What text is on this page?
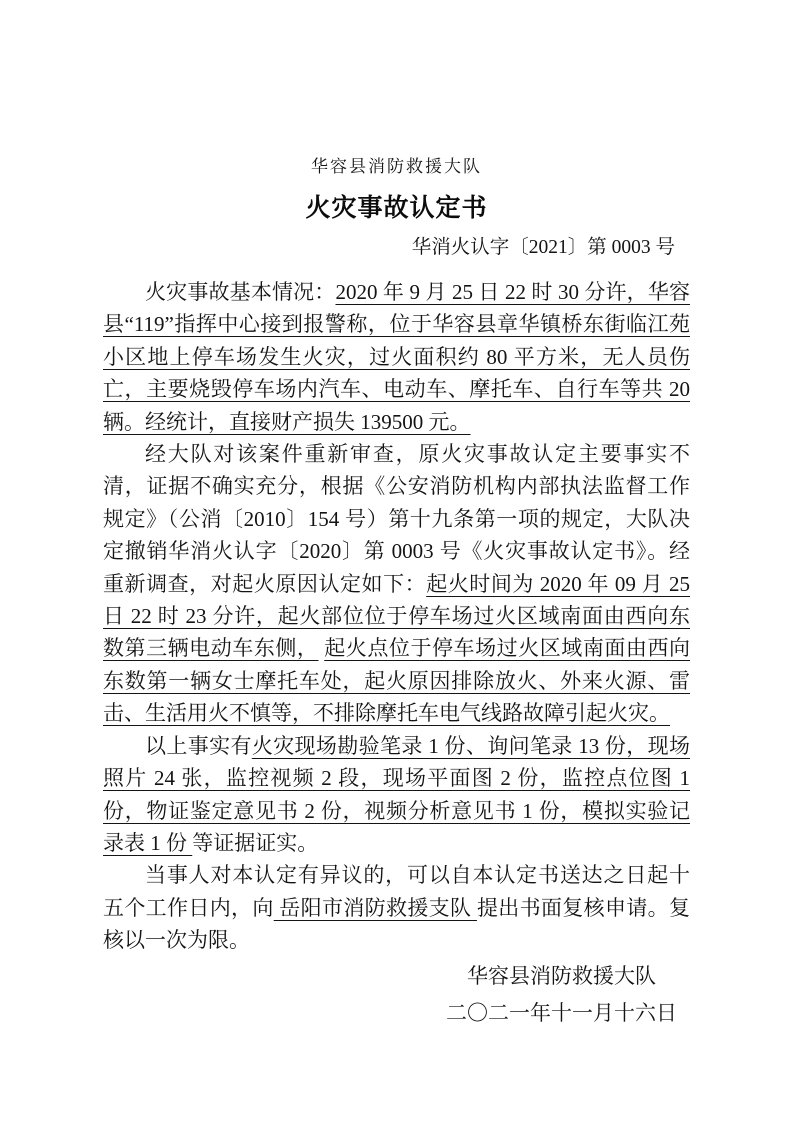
华容县消防救援大队
火灾事故认定书
华消火认字〔2021〕第 0003 号

火灾事故基本情况：2020 年 9 月 25 日 22 时 30 分许，华容县“119”指挥中心接到报警称，位于华容县章华镇桥东街临江苑小区地上停车场发生火灾，过火面积约 80 平方米，无人员伤亡，主要烧毁停车场内汽车、电动车、摩托车、自行车等共 20 辆。经统计，直接财产损失 139500 元。

经大队对该案件重新审查，原火灾事故认定主要事实不清，证据不确实充分，根据《公安消防机构内部执法监督工作规定》（公消〔2010〕154 号）第十九条第一项的规定，大队决定撤销华消火认字〔2020〕第 0003 号《火灾事故认定书》。经重新调查，对起火原因认定如下：起火时间为 2020 年 09 月 25 日 22 时 23 分许，起火部位位于停车场过火区域南面由西向东数第三辆电动车东侧， 起火点位于停车场过火区域南面由西向东数第一辆女士摩托车处，起火原因排除放火、外来火源、雷击、生活用火不慎等，不排除摩托车电气线路故障引起火灾。

以上事实有火灾现场勘验笔录 1 份、询问笔录 13 份，现场照片 24 张，监控视频 2 段，现场平面图 2 份，监控点位图 1 份，物证鉴定意见书 2 份，视频分析意见书 1 份，模拟实验记录表 1 份 等证据证实。

当事人对本认定有异议的，可以自本认定书送达之日起十五个工作日内，向 岳阳市消防救援支队 提出书面复核申请。复核以一次为限。

华容县消防救援大队
二〇二一年十一月十六日
